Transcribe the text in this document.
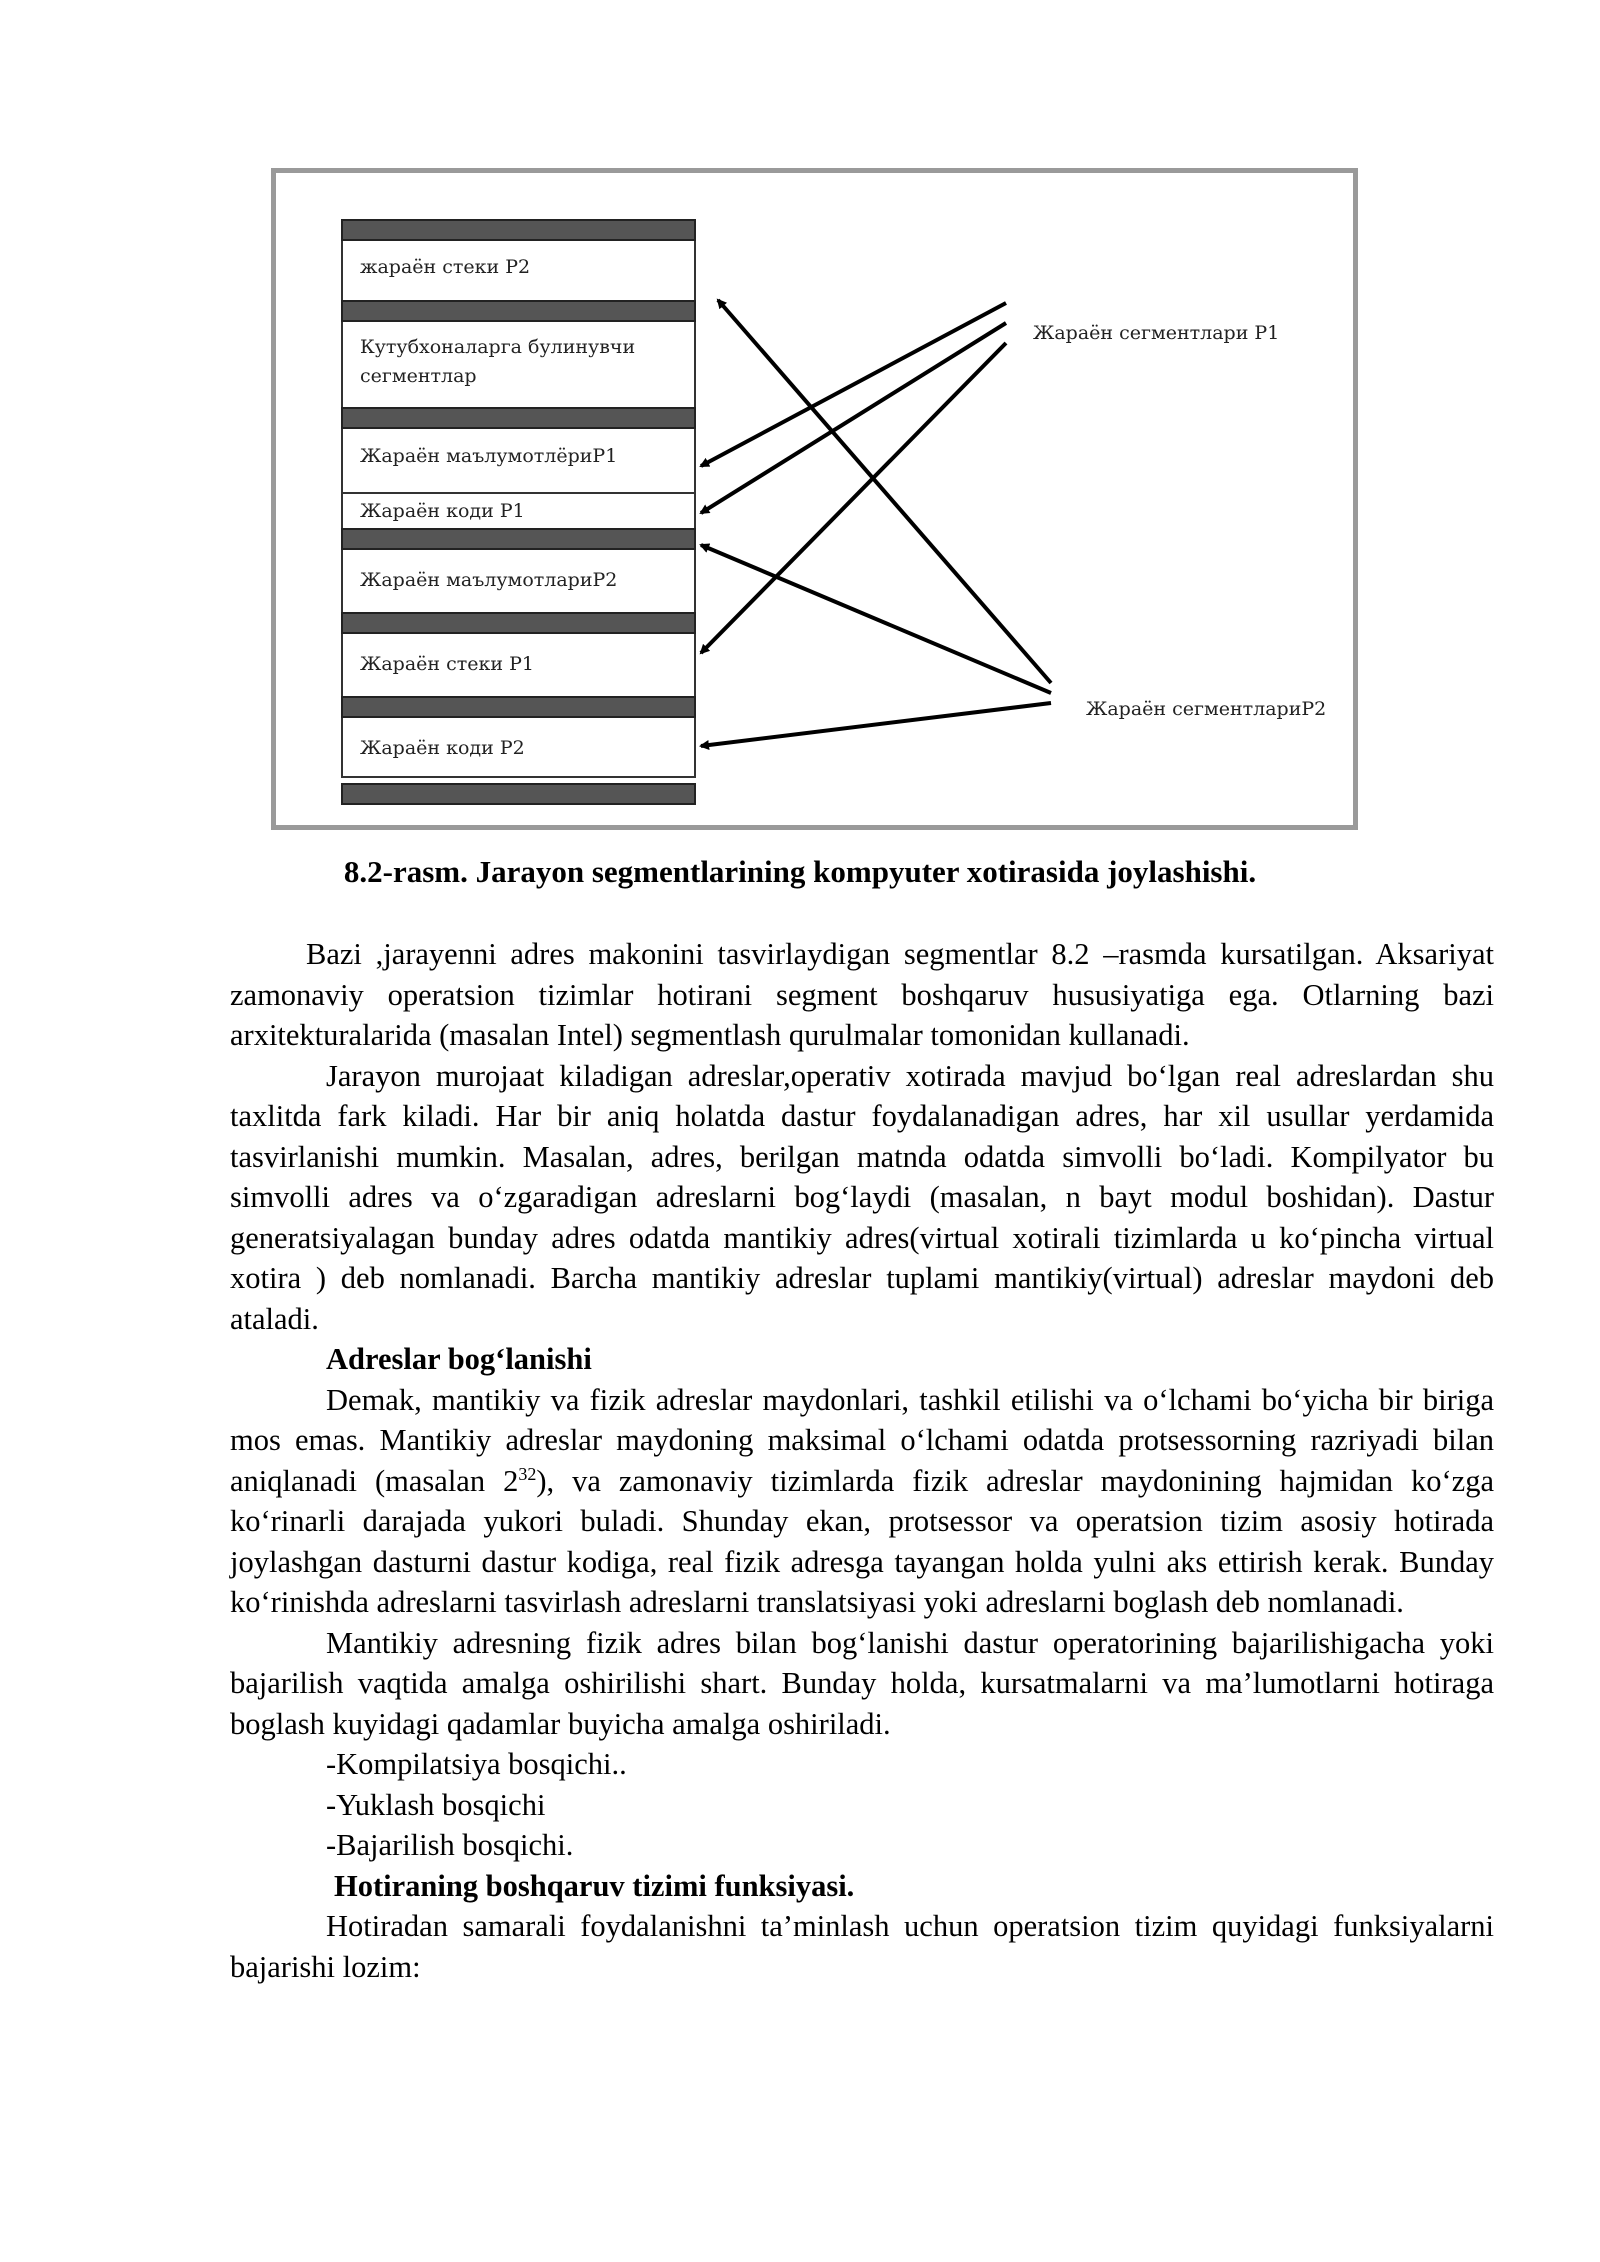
жараён стеки Р2
Кутубхоналарга булинувчи
сегментлар
Жараён маълумотлёриР1
Жараён коди Р1
Жараён маълумотлариР2
Жараён стеки Р1
Жараён коди Р2
Жараён сегментлари Р1
Жараён сегментлариР2
8.2-rasm. Jarayon segmentlarining kompyuter xotirasida joylashishi.

Bazi ,jarayenni adres makonini tasvirlaydigan segmentlar 8.2 –rasmda kursatilgan. Aksariyat zamonaviy operatsion tizimlar hotirani segment boshqaruv hususiyatiga ega. Otlarning bazi arxitekturalarida (masalan Intel) segmentlash qurulmalar tomonidan kullanadi.

Jarayon murojaat kiladigan adreslar,operativ xotirada mavjud bo‘lgan real adreslardan shu taxlitda fark kiladi. Har bir aniq holatda dastur foydalanadigan adres, har xil usullar yerdamida tasvirlanishi mumkin. Masalan, adres, berilgan matnda odatda simvolli bo‘ladi. Kompilyator bu simvolli adres va o‘zgaradigan adreslarni bog‘laydi (masalan, n bayt modul boshidan). Dastur generatsiyalagan bunday adres odatda mantikiy adres(virtual xotirali tizimlarda u ko‘pincha virtual xotira ) deb nomlanadi. Barcha mantikiy adreslar tuplami mantikiy(virtual) adreslar maydoni deb ataladi.

Adreslar bog‘lanishi

Demak, mantikiy va fizik adreslar maydonlari, tashkil etilishi va o‘lchami bo‘yicha bir biriga mos emas. Mantikiy adreslar maydoning maksimal o‘lchami odatda protsessorning razriyadi bilan aniqlanadi (masalan $2^{32}$), va zamonaviy tizimlarda fizik adreslar maydonining hajmidan ko‘zga ko‘rinarli darajada yukori buladi. Shunday ekan, protsessor va operatsion tizim asosiy hotirada joylashgan dasturni dastur kodiga, real fizik adresga tayangan holda yulni aks ettirish kerak. Bunday ko‘rinishda adreslarni tasvirlash adreslarni translatsiyasi yoki adreslarni boglash deb nomlanadi.

Mantikiy adresning fizik adres bilan bog‘lanishi dastur operatorining bajarilishigacha yoki bajarilish vaqtida amalga oshirilishi shart. Bunday holda, kursatmalarni va ma’lumotlarni hotiraga boglash kuyidagi qadamlar buyicha amalga oshiriladi.

-Kompilatsiya bosqichi..

-Yuklash bosqichi

-Bajarilish bosqichi.

Hotiraning boshqaruv tizimi funksiyasi.

Hotiradan samarali foydalanishni ta’minlash uchun operatsion tizim quyidagi funksiyalarni bajarishi lozim:
